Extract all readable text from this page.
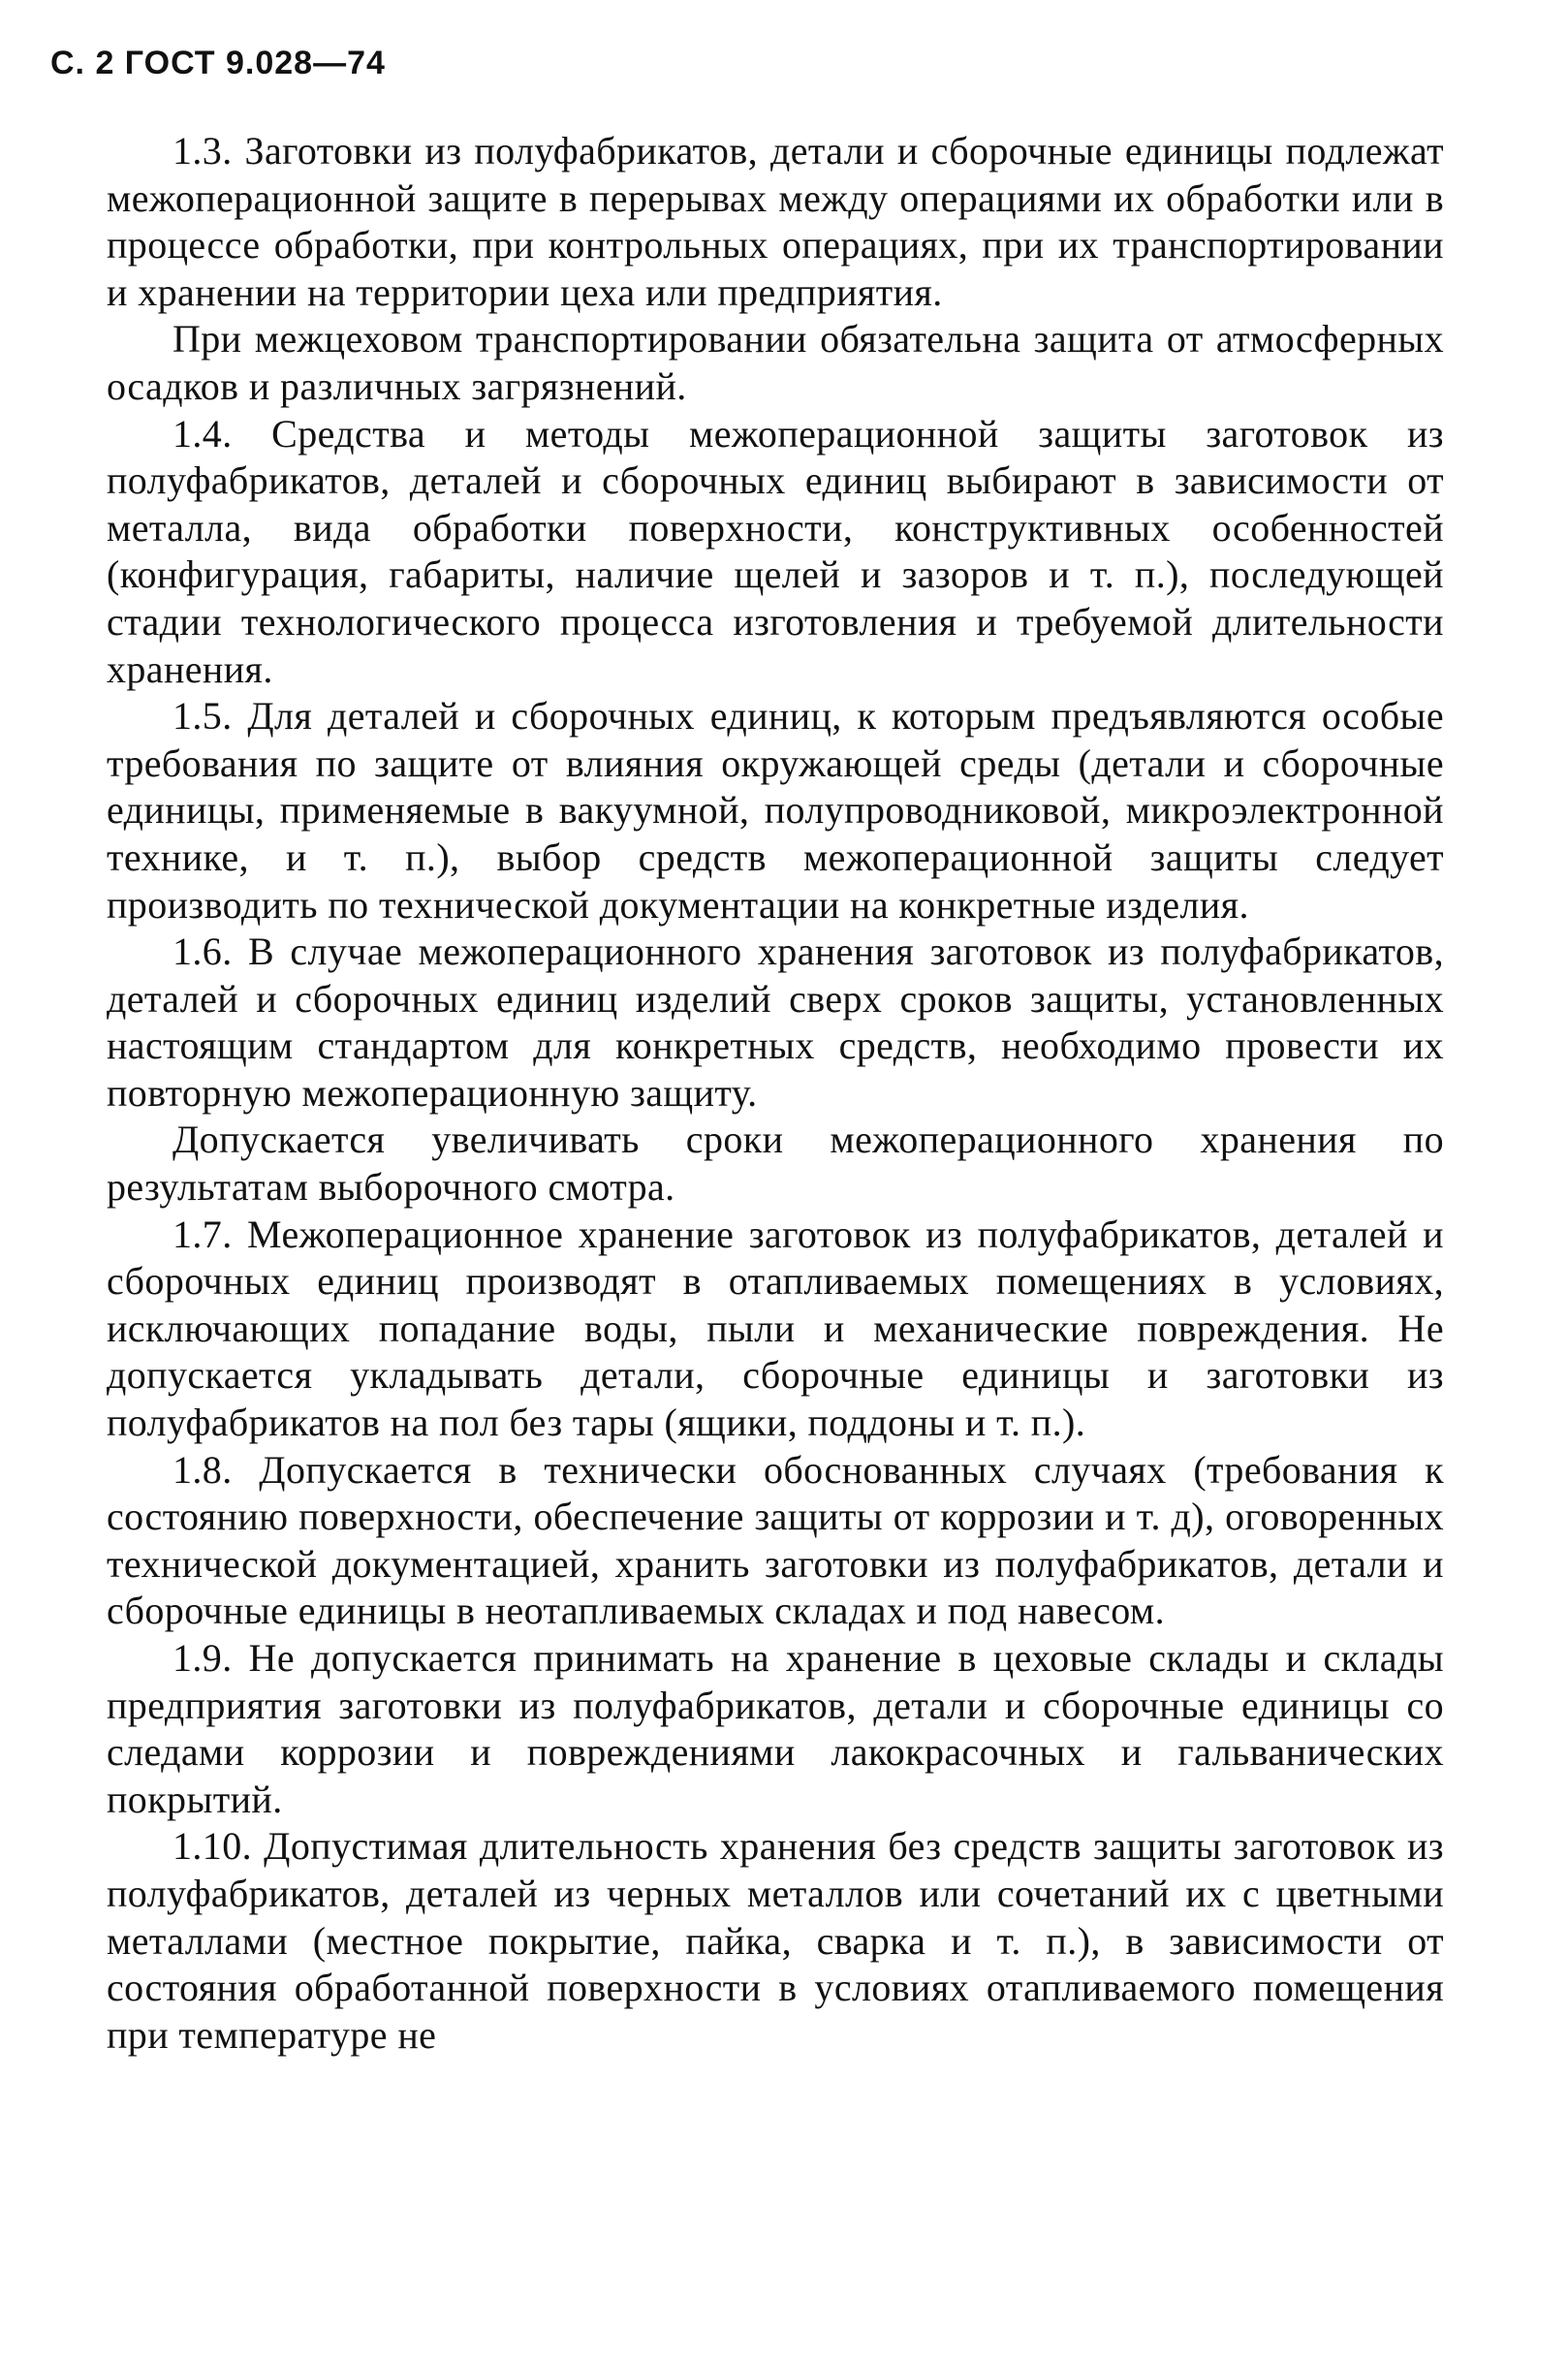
С. 2 ГОСТ 9.028—74

1.3. Заготовки из полуфабрикатов, детали и сборочные единицы подлежат межоперационной защите в перерывах между операциями их обработки или в процессе обработки, при контрольных операциях, при их транспортировании и хранении на территории цеха или предприятия.

При межцеховом транспортировании обязательна защита от атмосферных осадков и различных загрязнений.

1.4. Средства и методы межоперационной защиты заготовок из полуфабрикатов, деталей и сборочных единиц выбирают в зависимости от металла, вида обработки поверхности, конструктивных особенностей (конфигурация, габариты, наличие щелей и зазоров и т. п.), последующей стадии технологического процесса изготовления и требуемой длительности хранения.

1.5. Для деталей и сборочных единиц, к которым предъявляются особые требования по защите от влияния окружающей среды (детали и сборочные единицы, применяемые в вакуумной, полупроводниковой, микроэлектронной технике, и т. п.), выбор средств межоперационной защиты следует производить по технической документации на конкретные изделия.

1.6. В случае межоперационного хранения заготовок из полуфабрикатов, деталей и сборочных единиц изделий сверх сроков защиты, установленных настоящим стандартом для конкретных средств, необходимо провести их повторную межоперационную защиту.

Допускается увеличивать сроки межоперационного хранения по результатам выборочного смотра.

1.7. Межоперационное хранение заготовок из полуфабрикатов, деталей и сборочных единиц производят в отапливаемых помещениях в условиях, исключающих попадание воды, пыли и механические повреждения. Не допускается укладывать детали, сборочные единицы и заготовки из полуфабрикатов на пол без тары (ящики, поддоны и т. п.).

1.8. Допускается в технически обоснованных случаях (требования к состоянию поверхности, обеспечение защиты от коррозии и т. д), оговоренных технической документацией, хранить заготовки из полуфабрикатов, детали и сборочные единицы в неотапливаемых складах и под навесом.

1.9. Не допускается принимать на хранение в цеховые склады и склады предприятия заготовки из полуфабрикатов, детали и сборочные единицы со следами коррозии и повреждениями лакокрасочных и гальванических покрытий.

1.10. Допустимая длительность хранения без средств защиты заготовок из полуфабрикатов, деталей из черных металлов или сочетаний их с цветными металлами (местное покрытие, пайка, сварка и т. п.), в зависимости от состояния обработанной поверхности в условиях отапливаемого помещения при температуре не
